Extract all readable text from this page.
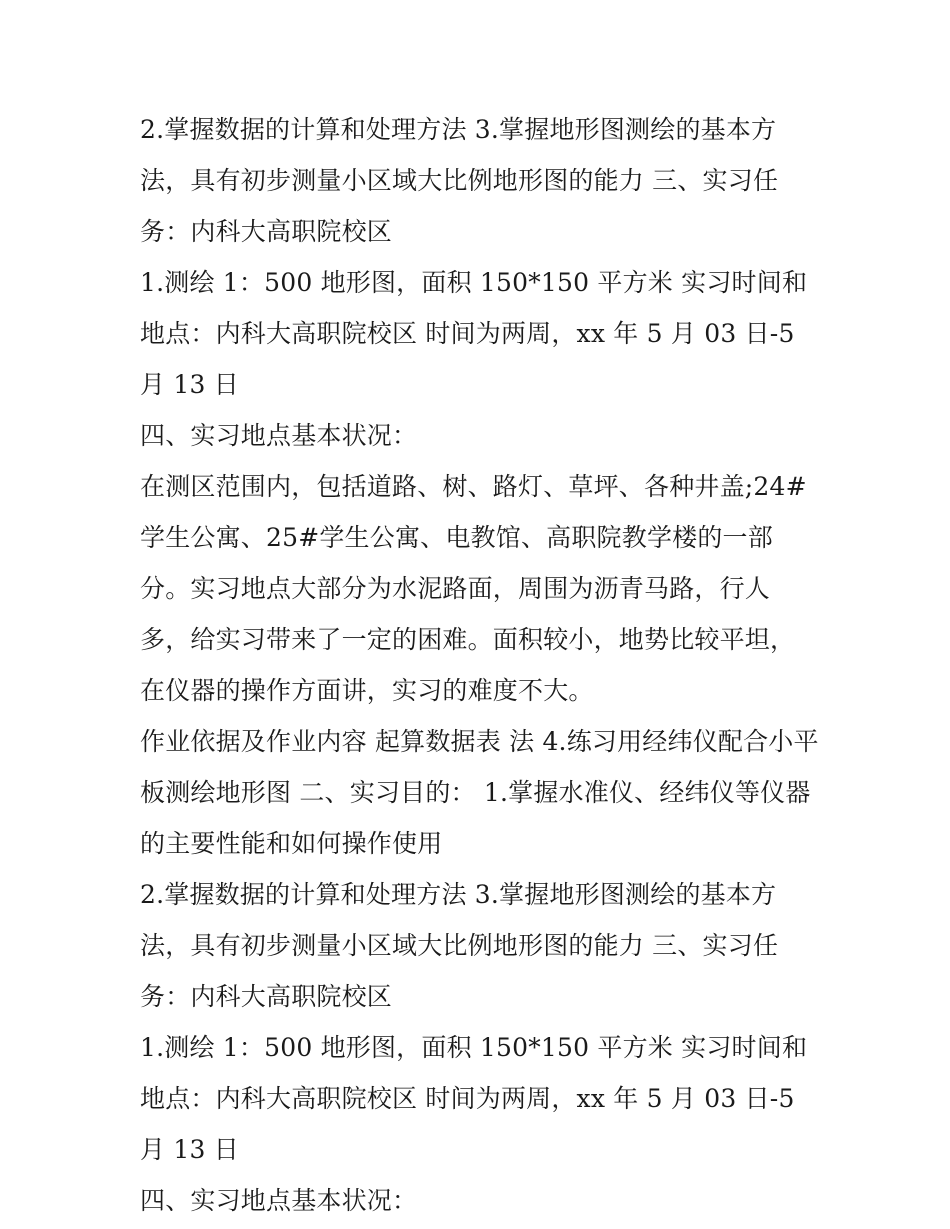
2.掌握数据的计算和处理方法 3.掌握地形图测绘的基本方法，具有初步测量小区域大比例地形图的能力 三、实习任务：内科大高职院校区

1.测绘 1：500 地形图，面积 150*150 平方米 实习时间和地点：内科大高职院校区 时间为两周，xx 年 5 月 03 日-5 月 13 日

四、实习地点基本状况：

在测区范围内，包括道路、树、路灯、草坪、各种井盖;24#学生公寓、25#学生公寓、电教馆、高职院教学楼的一部分。实习地点大部分为水泥路面，周围为沥青马路，行人多，给实习带来了一定的困难。面积较小，地势比较平坦，在仪器的操作方面讲，实习的难度不大。

作业依据及作业内容 起算数据表 法 4.练习用经纬仪配合小平板测绘地形图 二、实习目的： 1.掌握水准仪、经纬仪等仪器的主要性能和如何操作使用

2.掌握数据的计算和处理方法 3.掌握地形图测绘的基本方法，具有初步测量小区域大比例地形图的能力 三、实习任务：内科大高职院校区

1.测绘 1：500 地形图，面积 150*150 平方米 实习时间和地点：内科大高职院校区 时间为两周，xx 年 5 月 03 日-5 月 13 日

四、实习地点基本状况：
